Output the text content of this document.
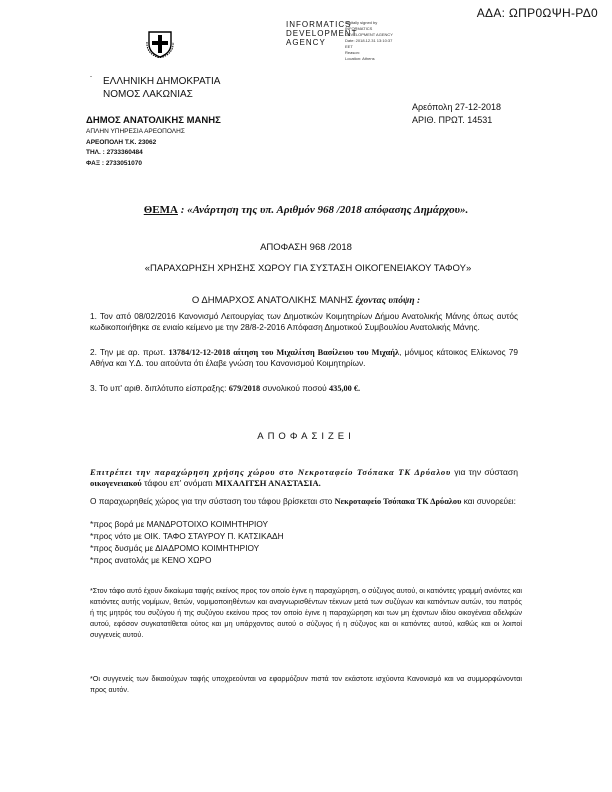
ΑΔΑ: ΩΠΡ0ΩΨΗ-ΡΔ0
INFORMATICS
DEVELOPMENT
AGENCY
Digitally signed by
INFORMATICS
DEVELOPMENT AGENCY
Date: 2018.12.31 13:10:37
EET
Reason:
Location: Athens
.
ΕΛΛΗΝΙΚΗ ΔΗΜΟΚΡΑΤΙΑ
ΝΟΜΟΣ ΛΑΚΩΝΙΑΣ
Αρεόπολη 27-12-2018
ΑΡΙΘ. ΠΡΩΤ. 14531
ΔΗΜΟΣ ΑΝΑΤΟΛΙΚΗΣ ΜΑΝΗΣ
ΑΠΛΗΝ ΥΠΗΡΕΣΙΑ ΑΡΕΟΠΟΛΗΣ
ΑΡΕΟΠΟΛΗ Τ.Κ. 23062
ΤΗΛ. : 2733360484
ΦΑΞ : 2733051070
ΘΕΜΑ : «Ανάρτηση της υπ. Αριθμόν 968 /2018 απόφασης Δημάρχου».
ΑΠΟΦΑΣΗ 968 /2018
«ΠΑΡΑΧΩΡΗΣΗ ΧΡΗΣΗΣ ΧΩΡΟΥ ΓΙΑ ΣΥΣΤΑΣΗ ΟΙΚΟΓΕΝΕΙΑΚΟΥ ΤΑΦΟΥ»
Ο ΔΗΜΑΡΧΟΣ ΑΝΑΤΟΛΙΚΗΣ ΜΑΝΗΣ έχοντας υπόψη :
1. Τον από 08/02/2016 Κανονισμό Λειτουργίας των Δημοτικών Κοιμητηρίων Δήμου Ανατολικής Μάνης όπως αυτός κωδικοποιήθηκε σε ενιαίο κείμενο με την 28/8-2-2016 Απόφαση Δημοτικού Συμβουλίου Ανατολικής Μάνης.
2. Την με αρ. πρωτ. 13784/12-12-2018 αίτηση του Μιχαλίτση Βασίλειου του Μιχαήλ, μόνιμος κάτοικος Ελίκωνος 79 Αθήνα και Υ.Δ. του αιτούντα ότι έλαβε γνώση του Κανονισμού Κοιμητηρίων.
3. Το υπ' αριθ. διπλότυπο είσπραξης: 679/2018 συνολικού ποσού 435,00 €.
ΑΠΟΦΑΣΙΖΕΙ
Επιτρέπει την παραχώρηση χρήσης χώρου στο Νεκροταφείο Τσόπακα ΤΚ Δρύαλου για την σύσταση οικογενειακού τάφου επ' ονόματι ΜΙΧΑΛΙΤΣΗ ΑΝΑΣΤΑΣΙΑ.
Ο παραχωρηθείς χώρος για την σύσταση του τάφου βρίσκεται στο Νεκροταφείο Τσόπακα ΤΚ Δρύαλου και συνορεύει:
*προς βορά με ΜΑΝΔΡΟΤΟΙΧΟ ΚΟΙΜΗΤΗΡΙΟΥ
*προς νότο με ΟΙΚ. ΤΑΦΟ ΣΤΑΥΡΟΥ Π. ΚΑΤΣΙΚΑΔΗ
*προς δυσμάς με ΔΙΑΔΡΟΜΟ ΚΟΙΜΗΤΗΡΙΟΥ
*προς ανατολάς με ΚΕΝΟ ΧΩΡΟ
*Στον τάφο αυτό έχουν δικαίωμα ταφής εκείνος προς τον οποίο έγινε η παραχώρηση, ο σύζυγος αυτού, οι κατιόντες γραμμή ανιόντες και κατιόντες αυτής νομίμων, θετών, νομιμοποιηθέντων και αναγνωρισθέντων τέκνων μετά των συζύγων και κατιόντων αυτών, του πατρός ή της μητρός του συζύγου ή της συζύγου εκείνου προς τον οποίο έγινε η παραχώρηση και των μη έχοντων ιδίου οικογένεια αδελφών αυτού, εφόσον συγκατατίθεται ούτος και μη υπάρχοντος αυτού ο σύζυγος ή η σύζυγος και οι κατιόντες αυτού, καθώς και οι λοιποί συγγενείς αυτού.
*Οι συγγενείς των δικαιούχων ταφής υποχρεούνται να εφαρμόζουν πιστά τον εκάστοτε ισχύοντα Κανονισμό και να συμμορφώνονται προς αυτόν.
